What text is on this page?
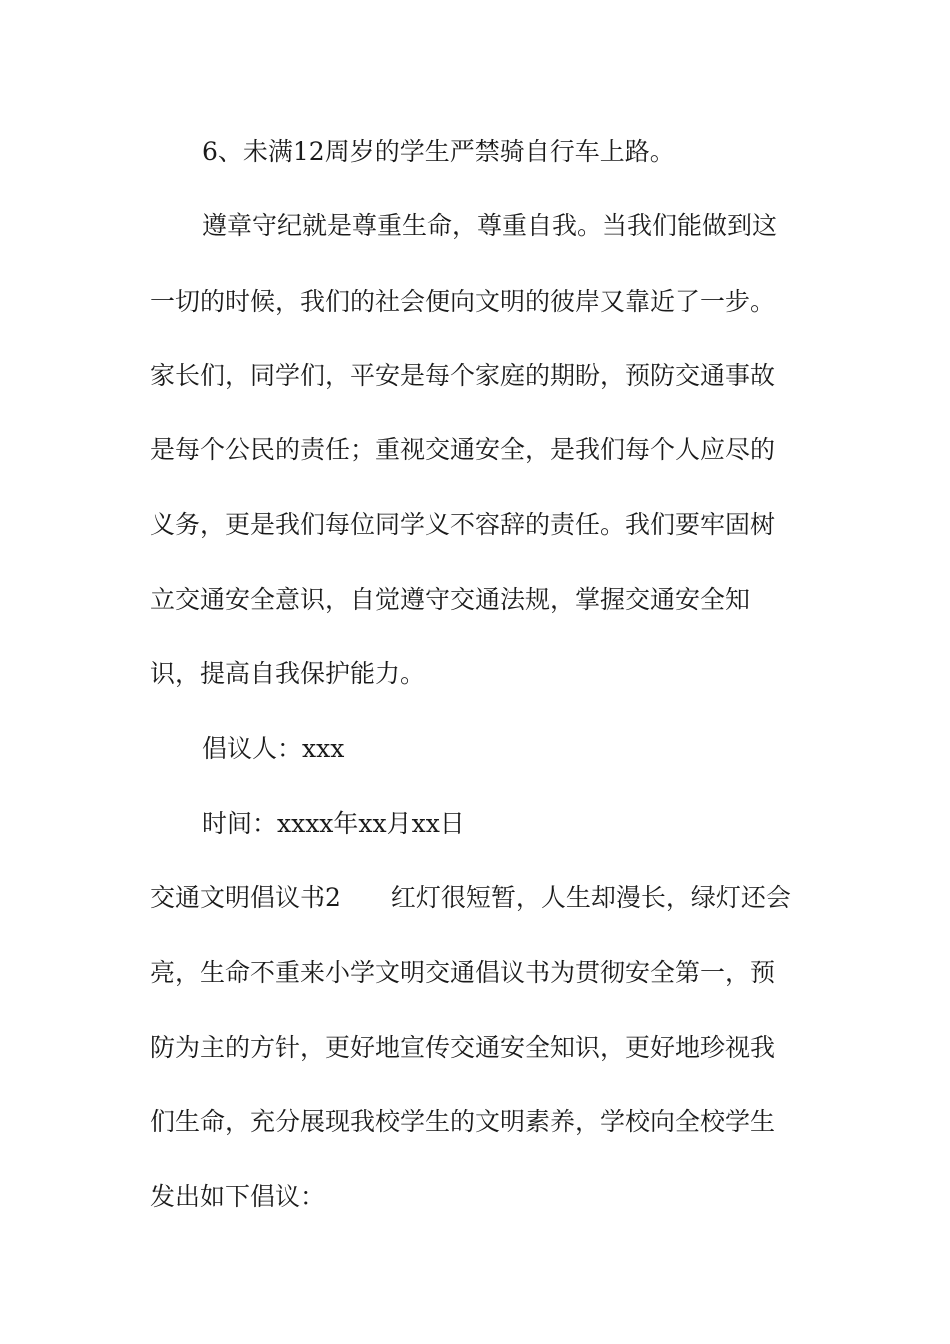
6、未满12周岁的学生严禁骑自行车上路。
遵章守纪就是尊重生命，尊重自我。当我们能做到这
一切的时候，我们的社会便向文明的彼岸又靠近了一步。
家长们，同学们，平安是每个家庭的期盼，预防交通事故
是每个公民的责任；重视交通安全，是我们每个人应尽的
义务，更是我们每位同学义不容辞的责任。我们要牢固树
立交通安全意识，自觉遵守交通法规，掌握交通安全知
识，提高自我保护能力。
倡议人：xxx
时间：xxxx年xx月xx日
交通文明倡议书2　　红灯很短暂，人生却漫长，绿灯还会
亮，生命不重来小学文明交通倡议书为贯彻安全第一，预
防为主的方针，更好地宣传交通安全知识，更好地珍视我
们生命，充分展现我校学生的文明素养，学校向全校学生
发出如下倡议：
